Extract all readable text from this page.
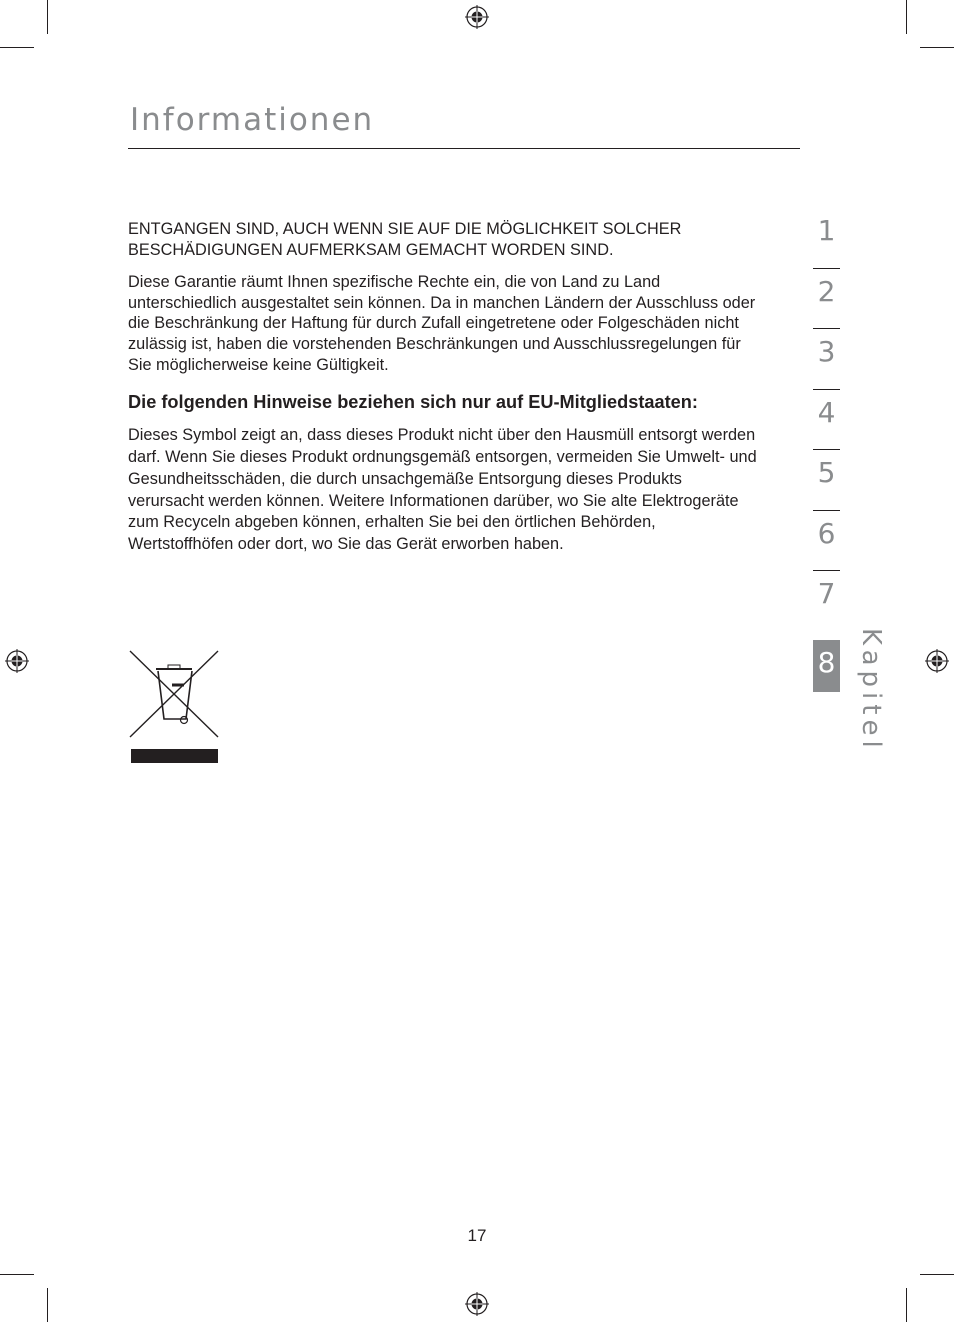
Informationen

ENTGANGEN SIND, AUCH WENN SIE AUF DIE MÖGLICHKEIT SOLCHER BESCHÄDIGUNGEN AUFMERKSAM GEMACHT WORDEN SIND.

Diese Garantie räumt Ihnen spezifische Rechte ein, die von Land zu Land unterschiedlich ausgestaltet sein können. Da in manchen Ländern der Ausschluss oder die Beschränkung der Haftung für durch Zufall eingetretene oder Folgeschäden nicht zulässig ist, haben die vorstehenden Beschränkungen und Ausschlussregelungen für Sie möglicherweise keine Gültigkeit.

Die folgenden Hinweise beziehen sich nur auf EU-Mitgliedstaaten:

Dieses Symbol zeigt an, dass dieses Produkt nicht über den Hausmüll entsorgt werden darf. Wenn Sie dieses Produkt ordnungsgemäß entsorgen, vermeiden Sie Umwelt- und Gesundheitsschäden, die durch unsachgemäße Entsorgung dieses Produkts verursacht werden können. Weitere Informationen darüber, wo Sie alte Elektrogeräte zum Recyceln abgeben können, erhalten Sie bei den örtlichen Behörden, Wertstoffhöfen oder dort, wo Sie das Gerät erworben haben.

1
2
3
4
5
6
7
8 Kapitel
17
